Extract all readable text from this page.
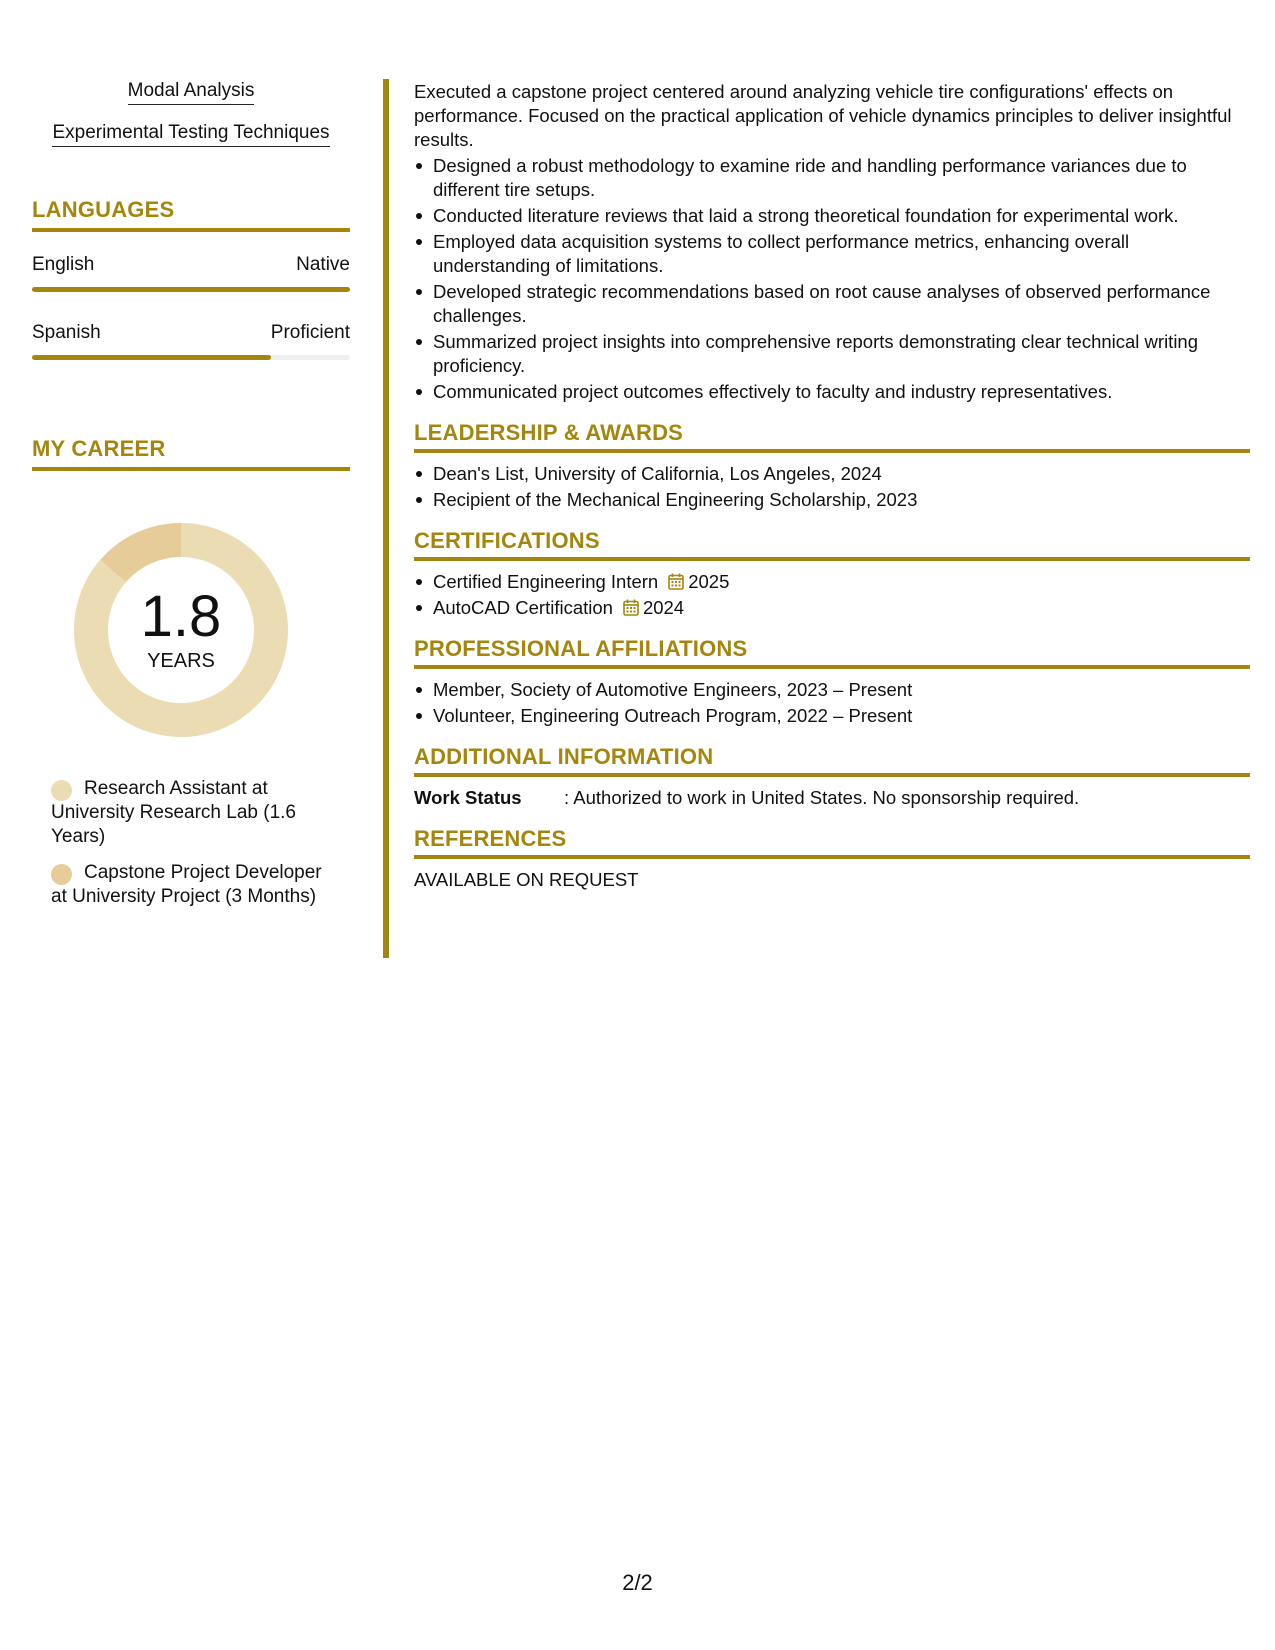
Modal Analysis
Experimental Testing Techniques
LANGUAGES
English	Native
Spanish	Proficient
MY CAREER
1.8
YEARS
Research Assistant at University Research Lab (1.6 Years)
Capstone Project Developer at University Project (3 Months)
Executed a capstone project centered around analyzing vehicle tire configurations' effects on performance. Focused on the practical application of vehicle dynamics principles to deliver insightful results.
Designed a robust methodology to examine ride and handling performance variances due to different tire setups.
Conducted literature reviews that laid a strong theoretical foundation for experimental work.
Employed data acquisition systems to collect performance metrics, enhancing overall understanding of limitations.
Developed strategic recommendations based on root cause analyses of observed performance challenges.
Summarized project insights into comprehensive reports demonstrating clear technical writing proficiency.
Communicated project outcomes effectively to faculty and industry representatives.
LEADERSHIP & AWARDS
Dean's List, University of California, Los Angeles, 2024
Recipient of the Mechanical Engineering Scholarship, 2023
CERTIFICATIONS
Certified Engineering Intern 2025
AutoCAD Certification 2024
PROFESSIONAL AFFILIATIONS
Member, Society of Automotive Engineers, 2023 – Present
Volunteer, Engineering Outreach Program, 2022 – Present
ADDITIONAL INFORMATION
Work Status	: Authorized to work in United States. No sponsorship required.
REFERENCES
AVAILABLE ON REQUEST
2/2
